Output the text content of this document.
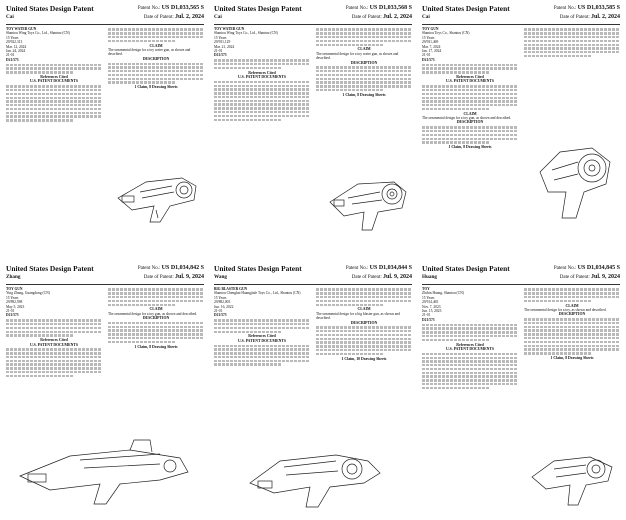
United States Design Patent
Cai
Patent No.: US D1,033,565 S
Date of Patent: Jul. 2, 2024
TOY WATER GUN
Shantou Wing Toys Co., Ltd., Shantou (CN)
15 Years
29/922,313
Mar. 12, 2024
Jan. 24, 2024
21-01
D21/573
References Cited
U.S. PATENT DOCUMENTS
CLAIM
The ornamental design for a toy water gun, as shown and described.
DESCRIPTION
1 Claim, 8 Drawing Sheets
United States Design Patent
Cai
Patent No.: US D1,033,568 S
Date of Patent: Jul. 2, 2024
TOY WATER GUN
Shantou Wing Toys Co., Ltd., Shantou (CN)
15 Years
29/931,129
Mar. 21, 2024
21-01
D21/573
References Cited
U.S. PATENT DOCUMENTS
CLAIM
The ornamental design for a toy water gun, as shown and described.
DESCRIPTION
1 Claim, 8 Drawing Sheets
United States Design Patent
Cai
Patent No.: US D1,033,585 S
Date of Patent: Jul. 2, 2024
TOY GUN
Shantou Toys Co., Shantou (CN)
15 Years
29/931,469
Mar. 7, 2024
Jan. 17, 2024
21-01
D21/573
References Cited
U.S. PATENT DOCUMENTS
CLAIM
The ornamental design for a toy gun, as shown and described.
DESCRIPTION
1 Claim, 8 Drawing Sheets
United States Design Patent
Zhang
Patent No.: US D1,034,842 S
Date of Patent: Jul. 9, 2024
TOY GUN
Ying Zhang, Guangdong (CN)
15 Years
29/892,598
May 5, 2023
21-01
D21/573
References Cited
U.S. PATENT DOCUMENTS
CLAIM
The ornamental design for a toy gun, as shown and described.
DESCRIPTION
1 Claim, 8 Drawing Sheets
United States Design Patent
Wang
Patent No.: US D1,034,844 S
Date of Patent: Jul. 9, 2024
BIG BLASTER GUN
Shantou Chenghai Huangjiale Toys Co., Ltd., Shantou (CN)
15 Years
29/882,003
Jun. 16, 2022
21-01
D21/573
References Cited
U.S. PATENT DOCUMENTS
CLAIM
The ornamental design for a big blaster gun, as shown and described.
DESCRIPTION
1 Claim, 10 Drawing Sheets
United States Design Patent
Huang
Patent No.: US D1,034,845 S
Date of Patent: Jul. 9, 2024
TOY
Zhibin Huang, Shantou (CN)
15 Years
29/914,465
Nov. 7, 2023
Jun. 15, 2023
21-01
D21/573
References Cited
U.S. PATENT DOCUMENTS
CLAIM
The ornamental design for a toy, as shown and described.
DESCRIPTION
1 Claim, 8 Drawing Sheets
